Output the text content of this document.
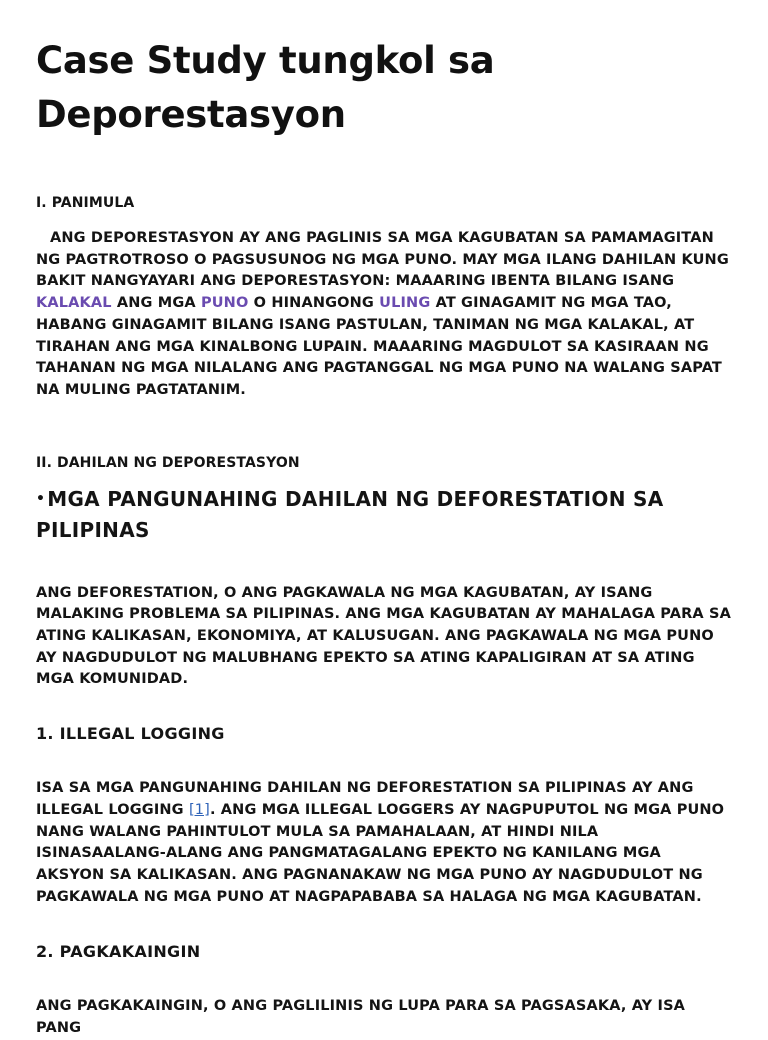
Case Study tungkol sa Deporestasyon
I. PANIMULA

ANG DEPORESTASYON AY ANG PAGLINIS SA MGA KAGUBATAN SA PAMAMAGITAN NG PAGTROTROSO O PAGSUSUNOG NG MGA PUNO. MAY MGA ILANG DAHILAN KUNG BAKIT NANGYAYARI ANG DEPORESTASYON: MAAARING IBENTA BILANG ISANG KALAKAL ANG MGA PUNO O HINANGONG ULING AT GINAGAMIT NG MGA TAO, HABANG GINAGAMIT BILANG ISANG PASTULAN, TANIMAN NG MGA KALAKAL, AT TIRAHAN ANG MGA KINALBONG LUPAIN. MAAARING MAGDULOT SA KASIRAAN NG TAHANAN NG MGA NILALANG ANG PAGTANGGAL NG MGA PUNO NA WALANG SAPAT NA MULING PAGTATANIM.

II. DAHILAN NG DEPORESTASYON
• MGA PANGUNAHING DAHILAN NG DEFORESTATION SA PILIPINAS

ANG DEFORESTATION, O ANG PAGKAWALA NG MGA KAGUBATAN, AY ISANG MALAKING PROBLEMA SA PILIPINAS. ANG MGA KAGUBATAN AY MAHALAGA PARA SA ATING KALIKASAN, EKONOMIYA, AT KALUSUGAN. ANG PAGKAWALA NG MGA PUNO AY NAGDUDULOT NG MALUBHANG EPEKTO SA ATING KAPALIGIRAN AT SA ATING MGA KOMUNIDAD.

1. ILLEGAL LOGGING

ISA SA MGA PANGUNAHING DAHILAN NG DEFORESTATION SA PILIPINAS AY ANG ILLEGAL LOGGING [1]. ANG MGA ILLEGAL LOGGERS AY NAGPUPUTOL NG MGA PUNO NANG WALANG PAHINTULOT MULA SA PAMAHALAAN, AT HINDI NILA ISINASAALANG-ALANG ANG PANGMATAGALANG EPEKTO NG KANILANG MGA AKSYON SA KALIKASAN. ANG PAGNANAKAW NG MGA PUNO AY NAGDUDULOT NG PAGKAWALA NG MGA PUNO AT NAGPAPABABA SA HALAGA NG MGA KAGUBATAN.

2. PAGKAKAINGIN

ANG PAGKAKAINGIN, O ANG PAGLILINIS NG LUPA PARA SA PAGSASAKA, AY ISA PANG
